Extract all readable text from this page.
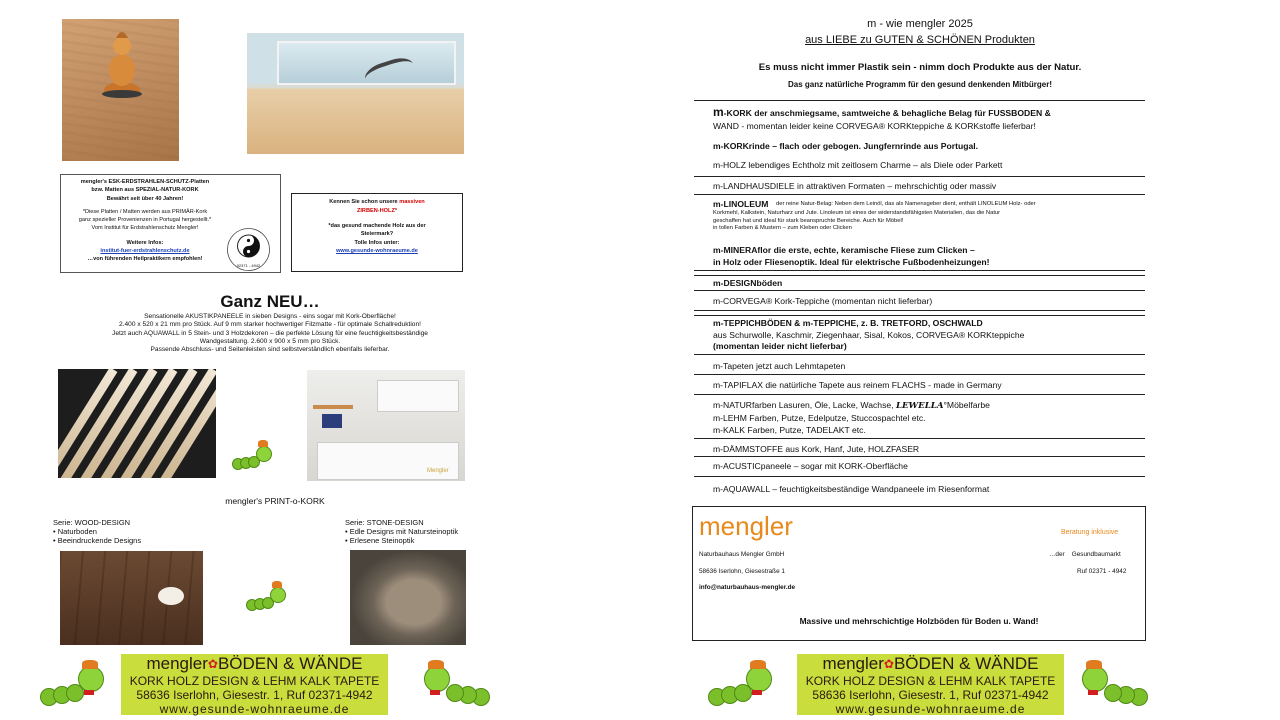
mengler's ESK-ERDSTRAHLEN-SCHUTZ-Platten
bzw. Matten aus SPEZIAL-NATUR-KORK
Bewährt seit über 40 Jahren!
*Diese Platten / Matten werden aus PRIMÄR-Kork
ganz spezieller Provenienzen in Portugal hergestellt.*
Vom Institut für Erdstrahlenschutz Mengler!
Weitere Infos:
institut-fuer-erdstrahlenschutz.de
…von führenden Heilpraktikern empfohlen!
02371 - 4942
Kennen Sie schon unsere massiven
ZIRBEN-HOLZ*
*das gesund machende Holz aus der
Steiermark?
Tolle Infos unter:
www.gesunde-wohnraeume.de
Ganz NEU…
Sensationelle AKUSTIKPANEELE in sieben Designs - eins sogar mit Kork-Oberfläche!
2.400 x 520 x 21 mm pro Stück. Auf 9 mm starker hochwertiger Filzmatte - für optimale Schallreduktion!
Jetzt auch AQUAWALL in 5 Stein- und 3 Holzdekoren – die perfekte Lösung für eine feuchtigkeitsbeständige
Wandgestaltung. 2.600 x 900 x 5 mm pro Stück.
Passende Abschluss- und Seitenleisten sind selbstverständlich ebenfalls lieferbar.
Mengler
mengler's PRINT-o-KORK
Serie: WOOD-DESIGN
• Naturboden
• Beeindruckende Designs
Serie: STONE-DESIGN
• Edle Designs mit Natursteinoptik
• Erlesene Steinoptik
mengler✿BÖDEN & WÄNDE
KORK HOLZ DESIGN & LEHM KALK TAPETE
58636 Iserlohn, Giesestr. 1, Ruf 02371-4942
www.gesunde-wohnraeume.de
m - wie mengler 2025
aus LIEBE zu GUTEN & SCHÖNEN Produkten
Es muss nicht immer Plastik sein - nimm doch Produkte aus der Natur.
Das ganz natürliche Programm für den gesund denkenden Mitbürger!
m-KORK der anschmiegsame, samtweiche & behagliche Belag für FUSSBODEN &
WAND - momentan leider keine CORVEGA® KORKteppiche & KORKstoffe lieferbar!
m-KORKrinde – flach oder gebogen. Jungfernrinde aus Portugal.
m-HOLZ lebendiges Echtholz mit zeitlosem Charme – als Diele oder Parkett
m-LANDHAUSDIELE in attraktiven Formaten – mehrschichtig oder massiv
m-LINOLEUM der reine Natur-Belag: Neben dem Leinöl, das als Namensgeber dient, enthält LINOLEUM Holz- oder
Korkmehl, Kalkstein, Naturharz und Jute. Linoleum ist eines der widerstandsfähigsten Materialien, das die Natur
geschaffen hat und ideal für stark beanspruchte Bereiche. Auch für Möbel!
in tollen Farben & Mustern – zum Kleben oder Clicken
m-MINERAflor die erste, echte, keramische Fliese zum Clicken –
in Holz oder Fliesenoptik. Ideal für elektrische Fußbodenheizungen!
m-DESIGNböden
m-CORVEGA® Kork-Teppiche (momentan nicht lieferbar)
m-TEPPICHBÖDEN & m-TEPPICHE, z. B. TRETFORD, OSCHWALD
aus Schurwolle, Kaschmir, Ziegenhaar, Sisal, Kokos, CORVEGA® KORKteppiche
(momentan leider nicht lieferbar)
m-Tapeten jetzt auch Lehmtapeten
m-TAPIFLAX die natürliche Tapete aus reinem FLACHS - made in Germany
m-NATURfarben Lasuren, Öle, Lacke, Wachse, LEWELLA°Möbelfarbe
m-LEHM Farben, Putze, Edelputze, Stuccospachtel etc.
m-KALK Farben, Putze, TADELAKT etc.
m-DÄMMSTOFFE aus Kork, Hanf, Jute, HOLZFASER
m-ACUSTICpaneele – sogar mit KORK-Oberfläche
m-AQUAWALL – feuchtigkeitsbeständige Wandpaneele im Riesenformat
mengler	Beratung inklusive
Naturbauhaus Mengler GmbH	…der    Gesundbaumarkt
58636 Iserlohn, Giesestraße 1	Ruf 02371 - 4942
info@naturbauhaus-mengler.de
Massive und mehrschichtige Holzböden für Boden u. Wand!
mengler✿BÖDEN & WÄNDE
KORK HOLZ DESIGN & LEHM KALK TAPETE
58636 Iserlohn, Giesestr. 1, Ruf 02371-4942
www.gesunde-wohnraeume.de
